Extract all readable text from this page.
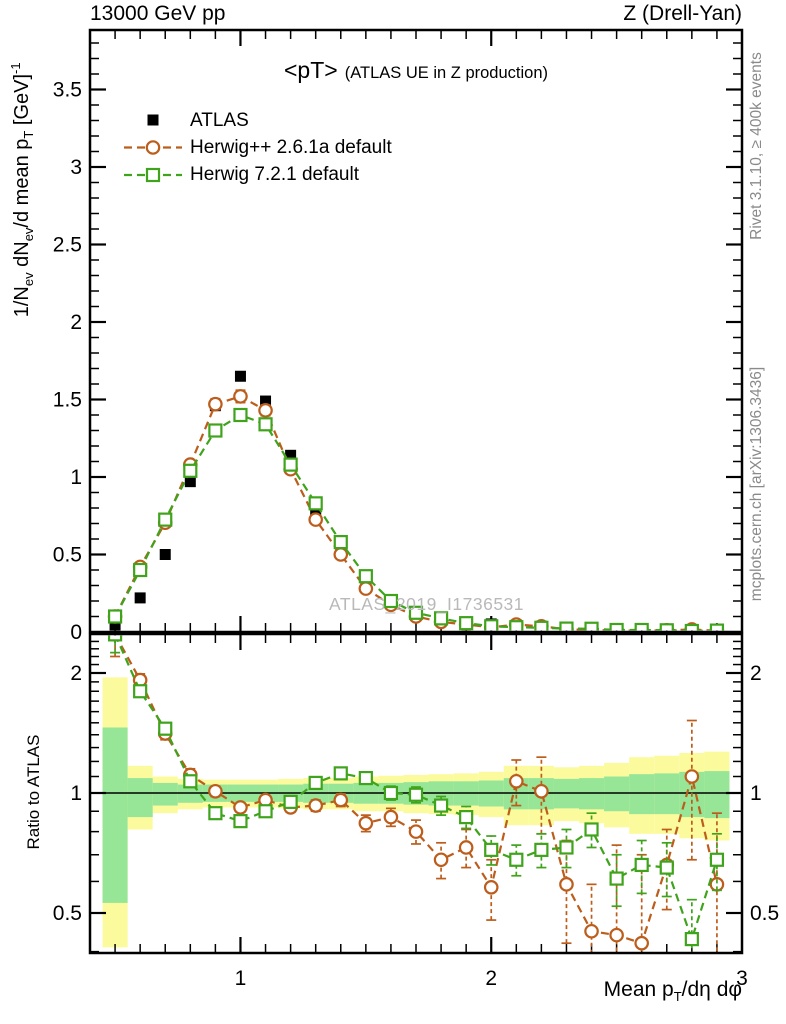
0
0.5
1
1.5
2
2.5
3
3.5
0.5	0.5
1	1
2	2
1	2	3
13000 GeV pp	Z (Drell-Yan)
<pT> (ATLAS UE in Z production)
ATLAS
Herwig++ 2.6.1a default
Herwig 7.2.1 default
$1/N_{ev}$ $dN_{ev}/d$ mean $p_T$ [GeV]$^{-1}$
Ratio to ATLAS
Mean $p_T/d\eta$ dφ
ATLAS_2019_I1736531
Rivet 3.1.10, ≥ 400k events
mcplots.cern.ch [arXiv:1306.3436]
